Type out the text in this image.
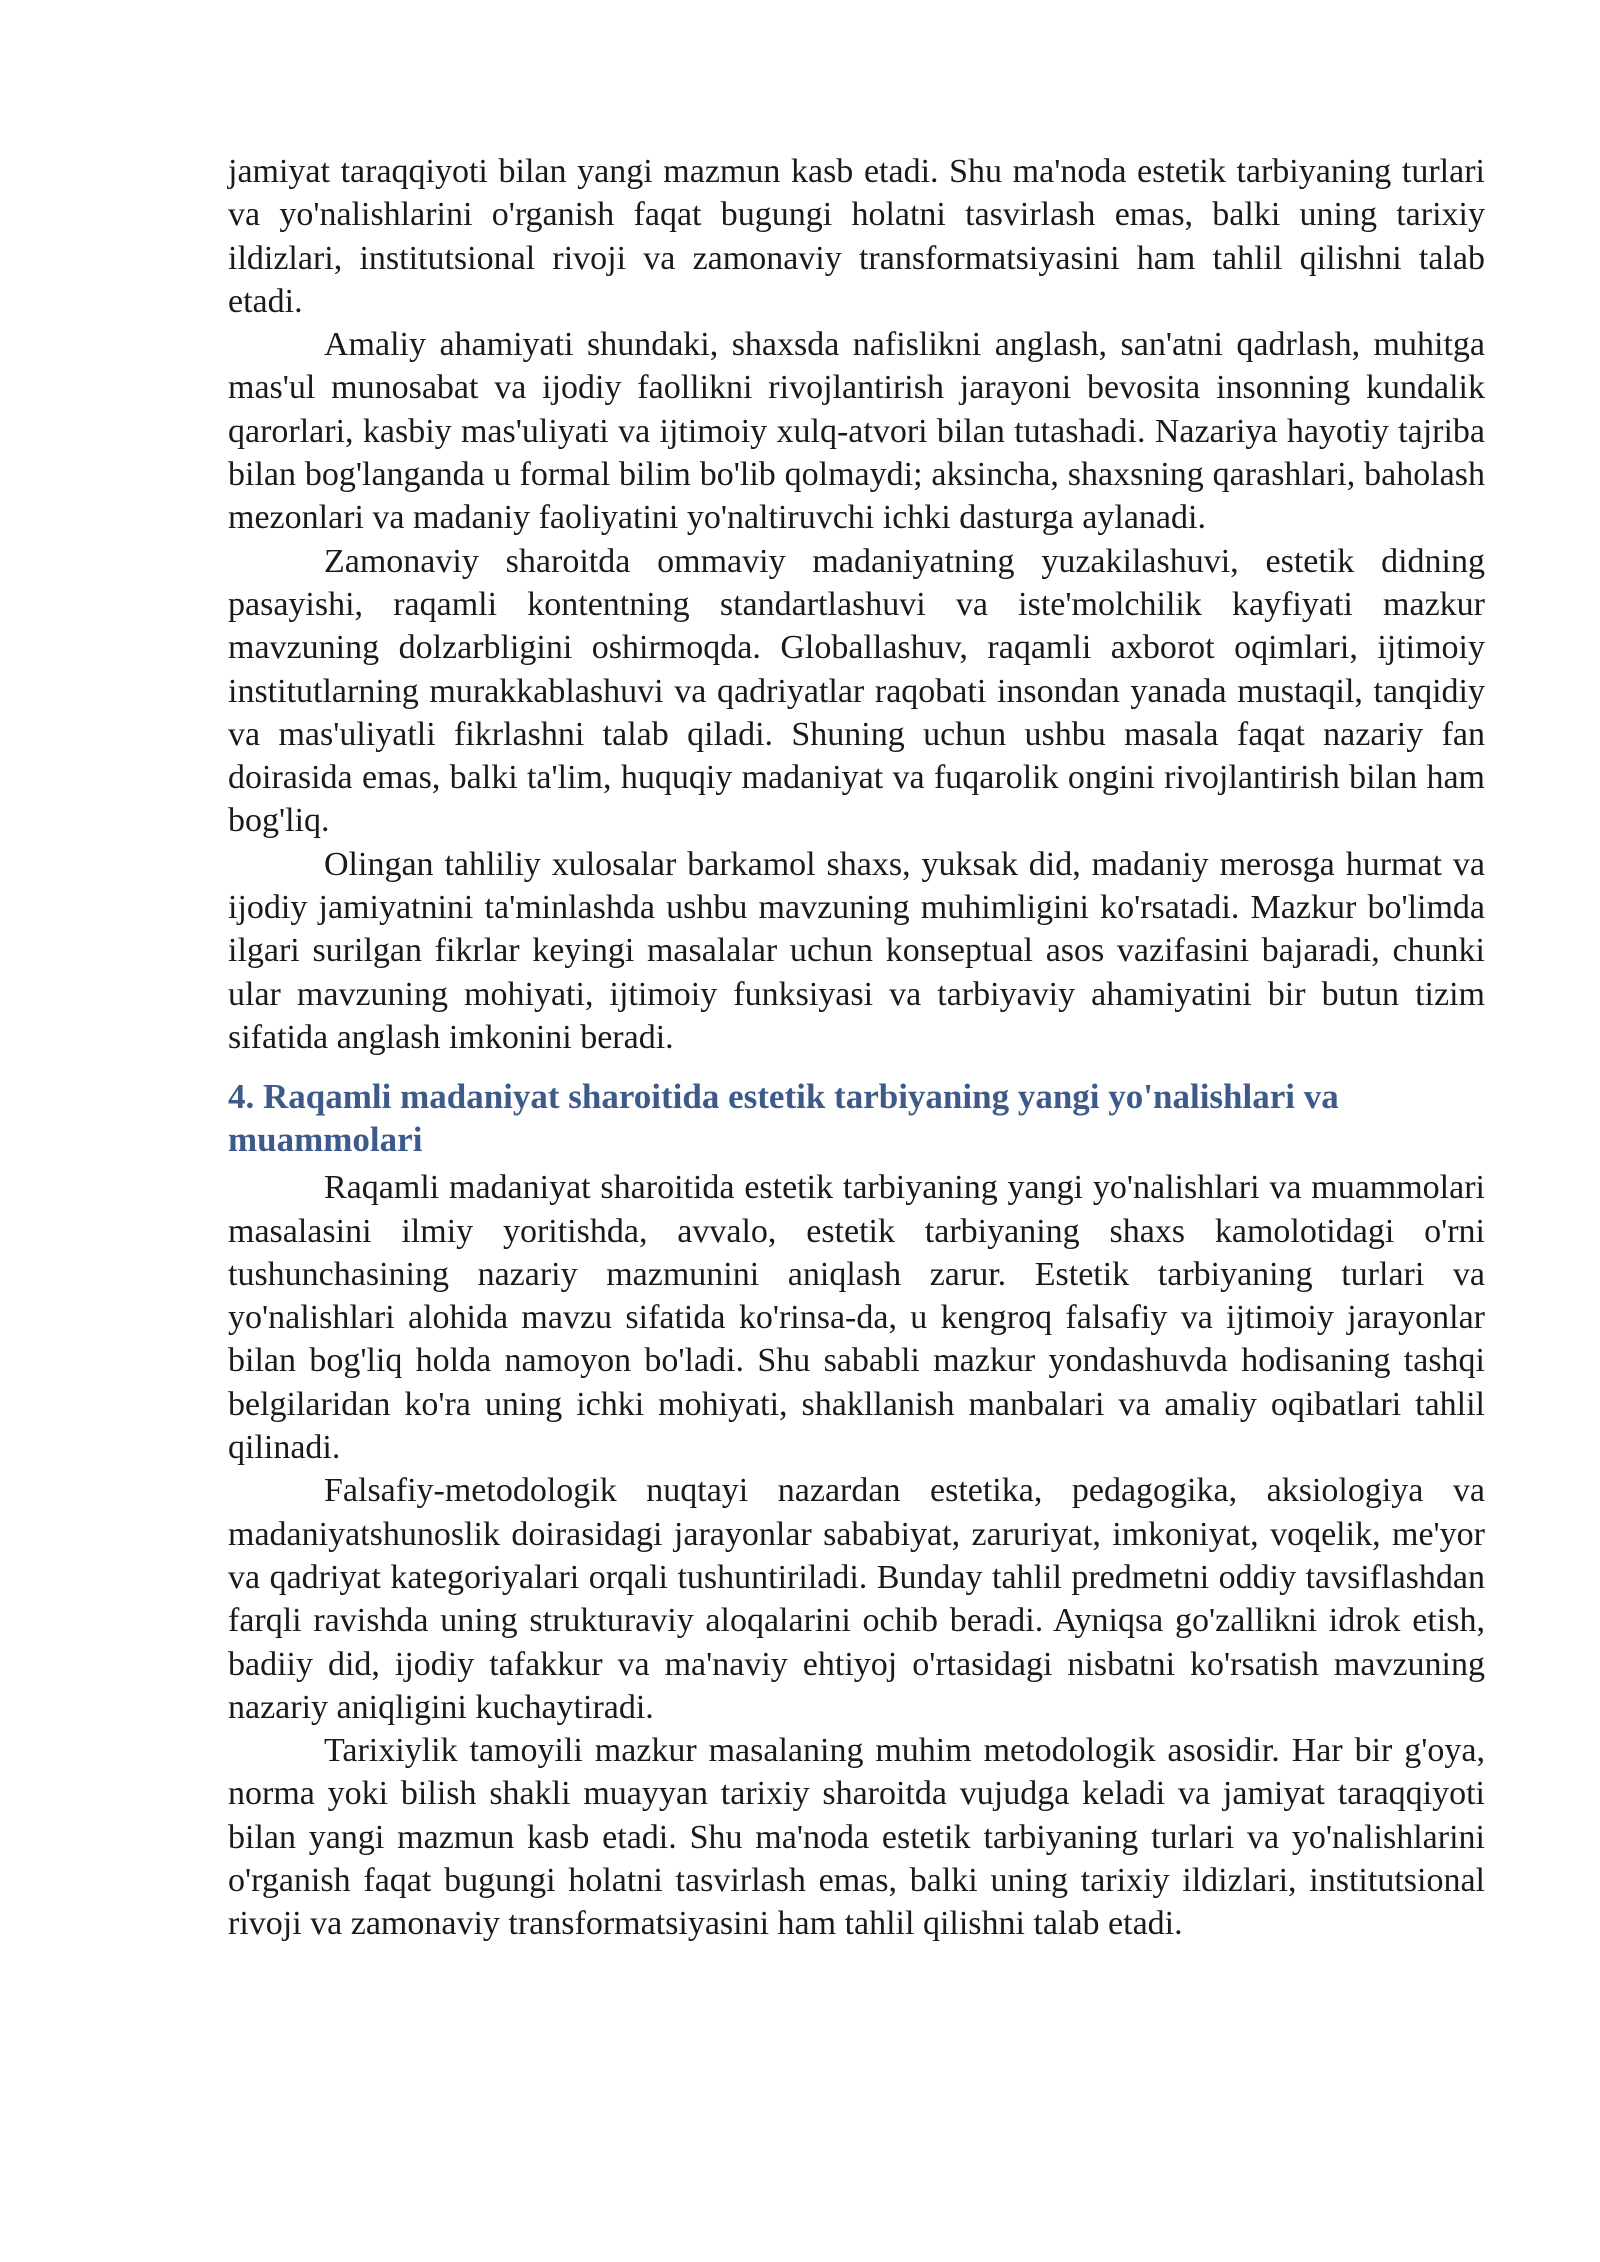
jamiyat taraqqiyoti bilan yangi mazmun kasb etadi. Shu ma'noda estetik tarbiyaning turlari va yo'nalishlarini o'rganish faqat bugungi holatni tasvirlash emas, balki uning tarixiy ildizlari, institutsional rivoji va zamonaviy transformatsiyasini ham tahlil qilishni talab etadi.

Amaliy ahamiyati shundaki, shaxsda nafislikni anglash, san'atni qadrlash, muhitga mas'ul munosabat va ijodiy faollikni rivojlantirish jarayoni bevosita insonning kundalik qarorlari, kasbiy mas'uliyati va ijtimoiy xulq-atvori bilan tutashadi. Nazariya hayotiy tajriba bilan bog'langanda u formal bilim bo'lib qolmaydi; aksincha, shaxsning qarashlari, baholash mezonlari va madaniy faoliyatini yo'naltiruvchi ichki dasturga aylanadi.

Zamonaviy sharoitda ommaviy madaniyatning yuzakilashuvi, estetik didning pasayishi, raqamli kontentning standartlashuvi va iste'molchilik kayfiyati mazkur mavzuning dolzarbligini oshirmoqda. Globallashuv, raqamli axborot oqimlari, ijtimoiy institutlarning murakkablashuvi va qadriyatlar raqobati insondan yanada mustaqil, tanqidiy va mas'uliyatli fikrlashni talab qiladi. Shuning uchun ushbu masala faqat nazariy fan doirasida emas, balki ta'lim, huquqiy madaniyat va fuqarolik ongini rivojlantirish bilan ham bog'liq.

Olingan tahliliy xulosalar barkamol shaxs, yuksak did, madaniy merosga hurmat va ijodiy jamiyatnini ta'minlashda ushbu mavzuning muhimligini ko'rsatadi. Mazkur bo'limda ilgari surilgan fikrlar keyingi masalalar uchun konseptual asos vazifasini bajaradi, chunki ular mavzuning mohiyati, ijtimoiy funksiyasi va tarbiyaviy ahamiyatini bir butun tizim sifatida anglash imkonini beradi.

4. Raqamli madaniyat sharoitida estetik tarbiyaning yangi yo'nalishlari va muammolari

Raqamli madaniyat sharoitida estetik tarbiyaning yangi yo'nalishlari va muammolari masalasini ilmiy yoritishda, avvalo, estetik tarbiyaning shaxs kamolotidagi o'rni tushunchasining nazariy mazmunini aniqlash zarur. Estetik tarbiyaning turlari va yo'nalishlari alohida mavzu sifatida ko'rinsa-da, u kengroq falsafiy va ijtimoiy jarayonlar bilan bog'liq holda namoyon bo'ladi. Shu sababli mazkur yondashuvda hodisaning tashqi belgilaridan ko'ra uning ichki mohiyati, shakllanish manbalari va amaliy oqibatlari tahlil qilinadi.

Falsafiy-metodologik nuqtayi nazardan estetika, pedagogika, aksiologiya va madaniyatshunoslik doirasidagi jarayonlar sababiyat, zaruriyat, imkoniyat, voqelik, me'yor va qadriyat kategoriyalari orqali tushuntiriladi. Bunday tahlil predmetni oddiy tavsiflashdan farqli ravishda uning strukturaviy aloqalarini ochib beradi. Ayniqsa go'zallikni idrok etish, badiiy did, ijodiy tafakkur va ma'naviy ehtiyoj o'rtasidagi nisbatni ko'rsatish mavzuning nazariy aniqligini kuchaytiradi.

Tarixiylik tamoyili mazkur masalaning muhim metodologik asosidir. Har bir g'oya, norma yoki bilish shakli muayyan tarixiy sharoitda vujudga keladi va jamiyat taraqqiyoti bilan yangi mazmun kasb etadi. Shu ma'noda estetik tarbiyaning turlari va yo'nalishlarini o'rganish faqat bugungi holatni tasvirlash emas, balki uning tarixiy ildizlari, institutsional rivoji va zamonaviy transformatsiyasini ham tahlil qilishni talab etadi.
